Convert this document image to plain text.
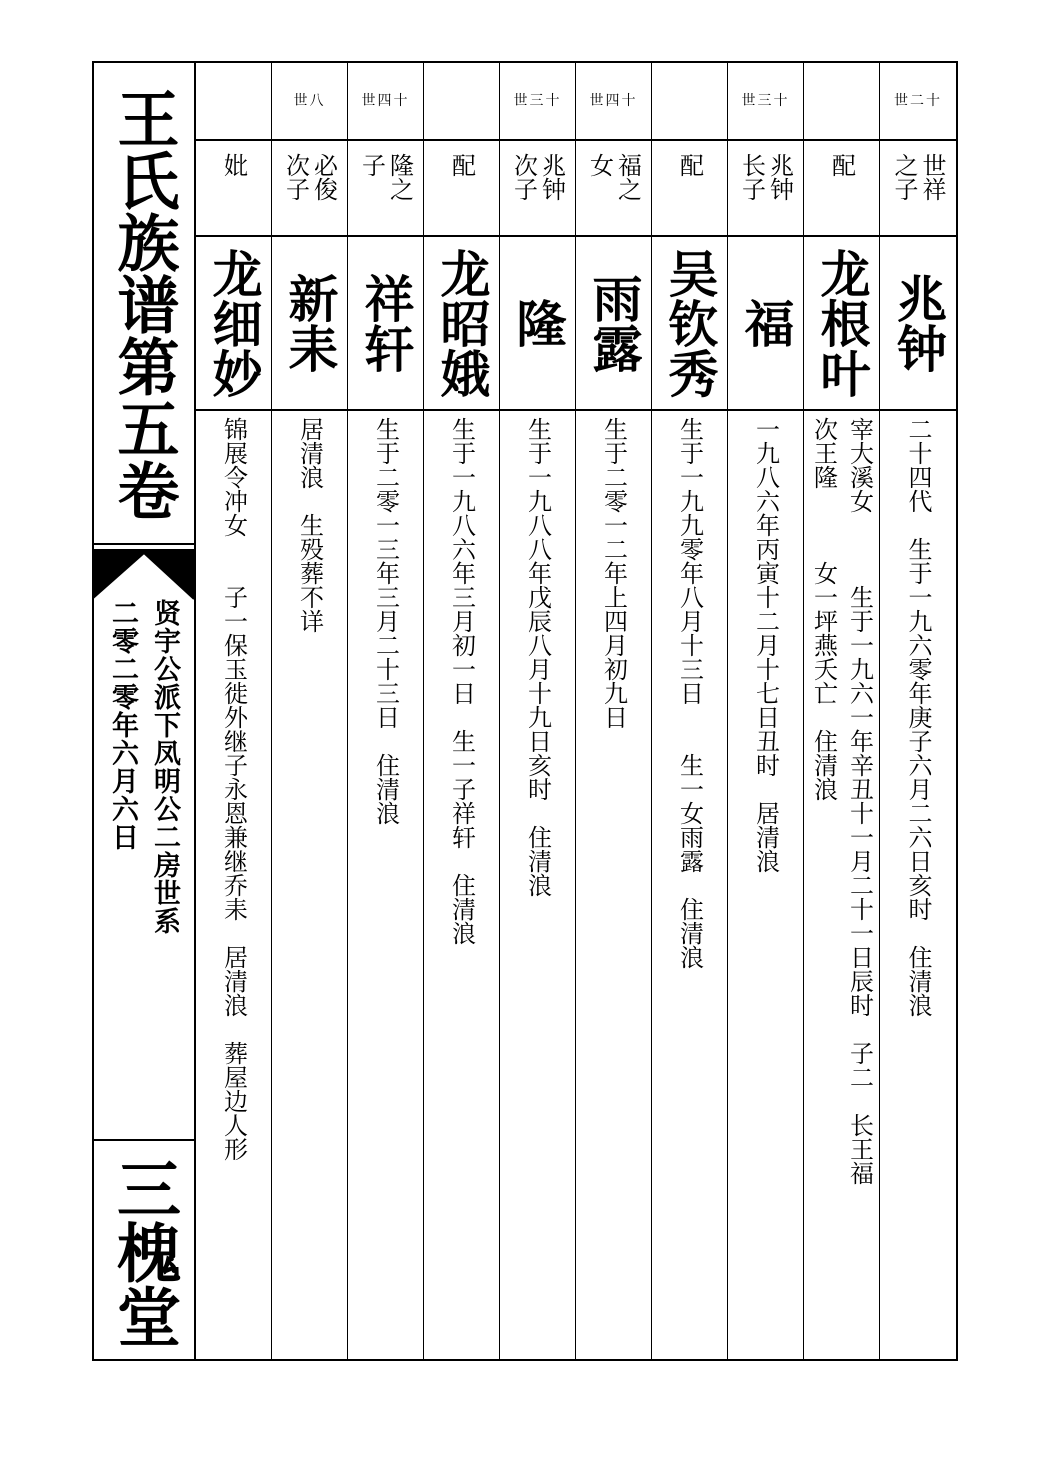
王氏族谱第五卷
贤宇公派下凤明公二房世系
二零二零年六月六日
三槐堂
世二十
世祥之子
兆钟
二十四代　生于一九六零年庚子六月二六日亥时　住清浪
配
龙根叶
宰大溪女　　　生于一九六一年辛丑十一月二十一日辰时　子二　长王福
次王隆　　　女一坪燕夭亡　住清浪
世三十
兆钟长子
福
一九八六年丙寅十二月十七日丑时　居清浪
配
吴钦秀
生于一九九零年八月十三日　　生一女雨露　住清浪
世四十
福之女
雨露
生于二零一二年上四月初九日
世三十
兆钟次子
隆
生于一九八八年戊辰八月十九日亥时　住清浪
配
龙昭娥
生于一九八六年三月初一日　生一子祥轩　住清浪
世四十
隆之子
祥轩
生于二零一三年三月二十三日　住清浪
世八
必俊次子
新耒
居清浪　生殁葬不详
妣
龙细妙
锦展令冲女　　子一保玉徙外继子永恩兼继乔耒　居清浪　葬屋边人形
